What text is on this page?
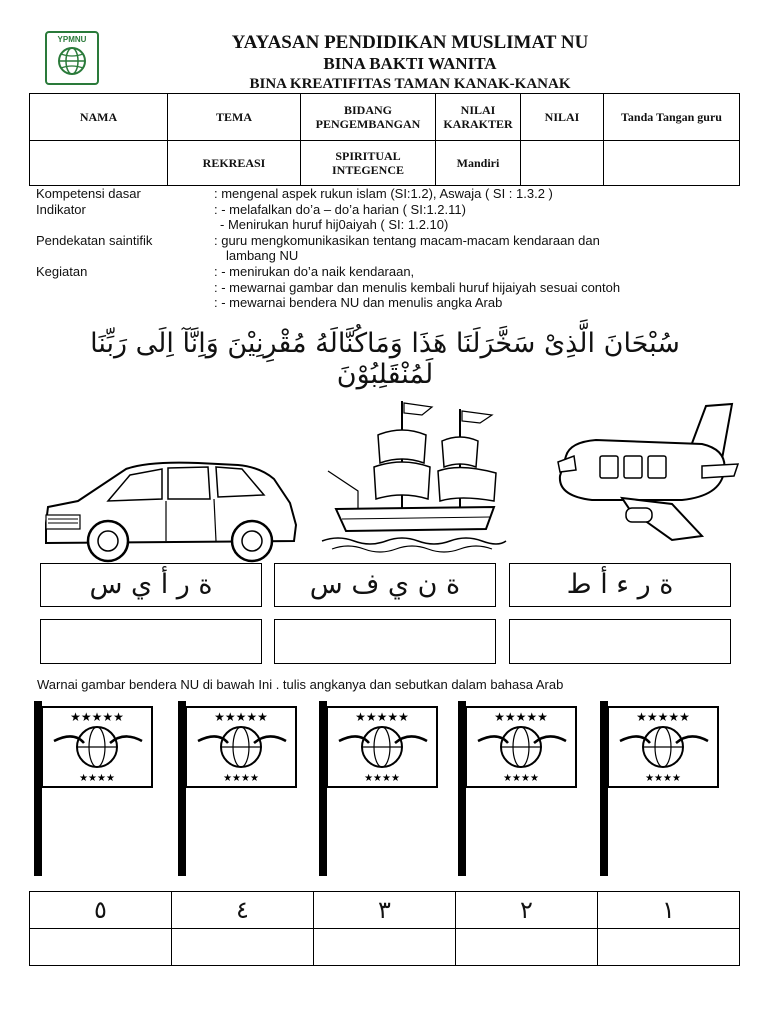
YPMNU	YAYASAN PENDIDIKAN MUSLIMAT NU
BINA BAKTI WANITA
BINA KREATIFITAS TAMAN KANAK-KANAK
NAMA	TEMA	BIDANG PENGEMBANGAN	NILAI KARAKTER	NILAI	Tanda Tangan guru
	REKREASI	SPIRITUAL INTEGENCE	Mandiri		
Kompetensi dasar	: mengenal aspek rukun islam (SI:1.2), Aswaja ( SI : 1.3.2 )
Indikator	: - melafalkan do’a – do’a harian ( SI:1.2.11)
- Menirukan huruf hij0aiyah ( SI: 1.2.10)
Pendekatan saintifik	: guru mengkomunikasikan tentang macam-macam kendaraan dan
lambang NU
Kegiatan	: - menirukan do’a naik kendaraan,
: - mewarnai gambar dan menulis kembali huruf hijaiyah sesuai contoh
: - mewarnai bendera NU dan menulis angka Arab
سُبْحَانَ الَّذِىْ سَخَّرَلَنَا هَذَا وَمَاكُنَّالَهُ مُقْرِنِيْنَ وَاِنَّآ اِلَى رَبِّنَا لَمُنْقَلِبُوْنَ
ة ر أ ي س	ة ن ي ف س	ة ر ء أ ط
Warnai gambar bendera NU di bawah Ini . tulis angkanya dan sebutkan dalam bahasa Arab
★★★★★
★★★★
★★★★★
★★★★
★★★★★
★★★★
★★★★★
★★★★
★★★★★
★★★★
٥	٤	٣	٢	١
